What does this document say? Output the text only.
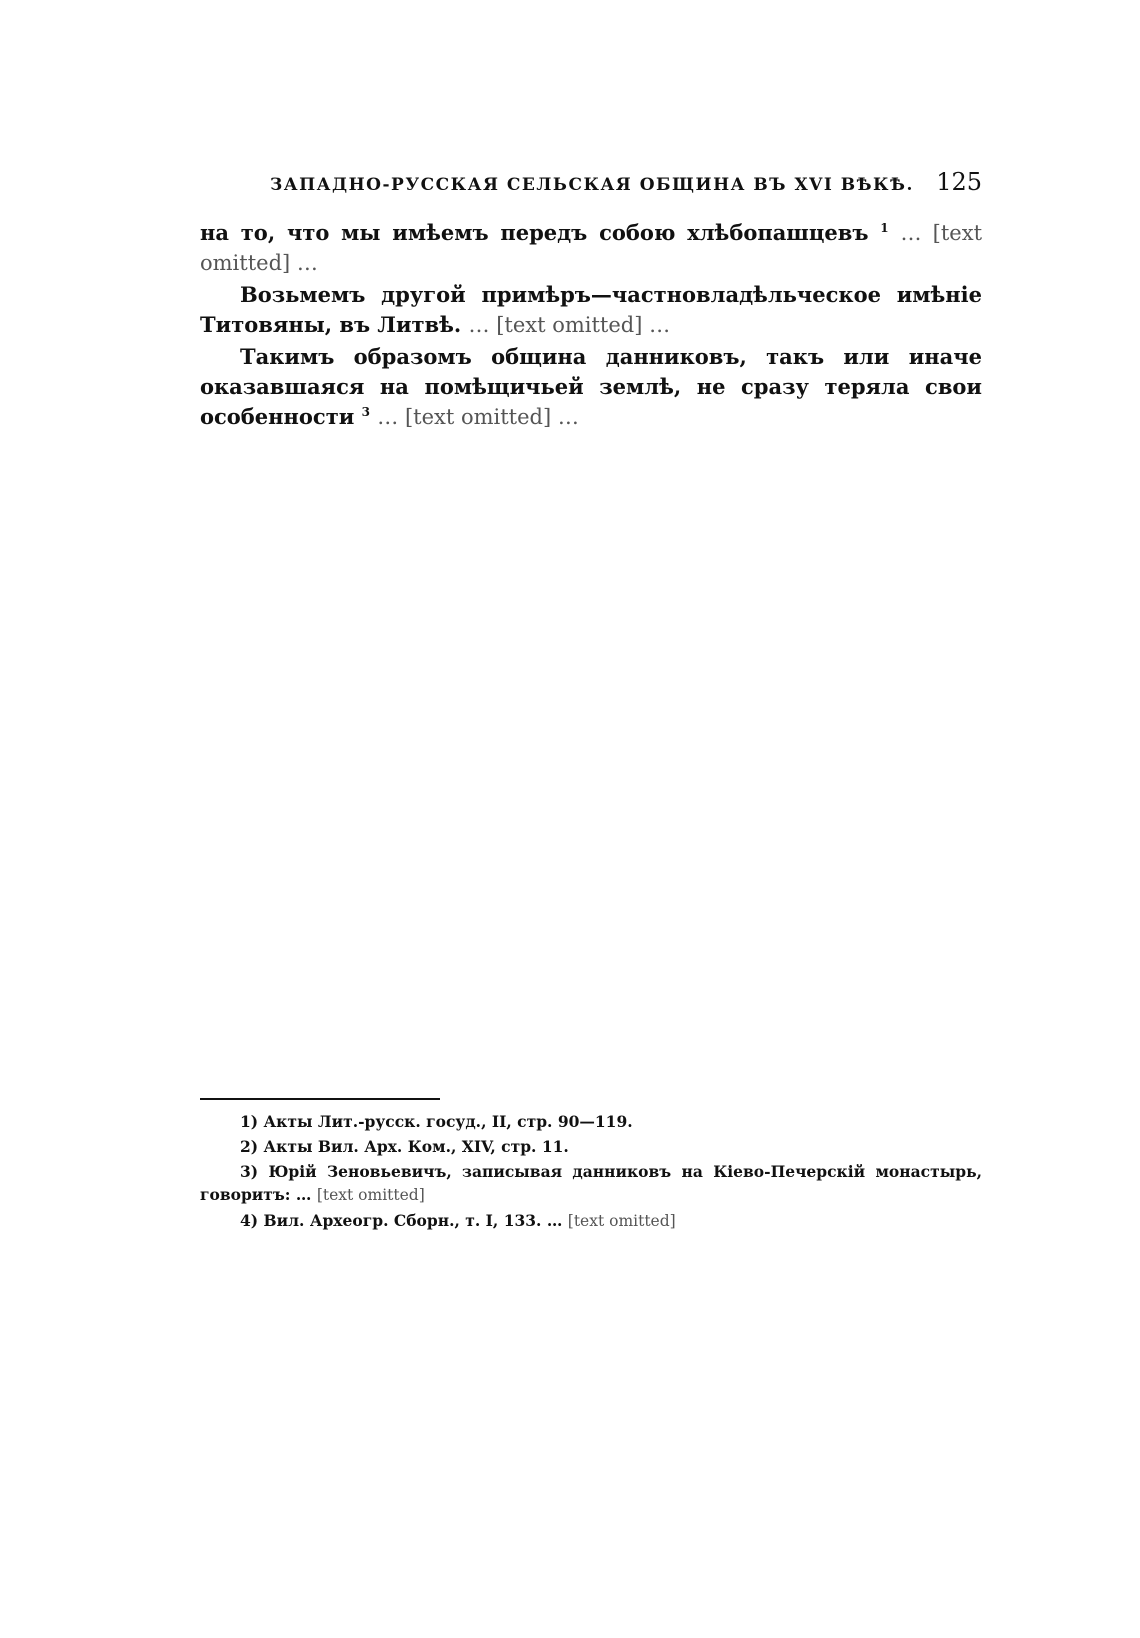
ЗАПАДНО-РУССКАЯ СЕЛЬСКАЯ ОБЩИНА ВЪ XVI ВѢКѢ. 125

на то, что мы имѣемъ передъ собою хлѣбопашцевъ $^1$ … [text omitted] …

Возьмемъ другой примѣръ—частновладѣльческое имѣніе Титовяны, въ Литвѣ. … [text omitted] …

Такимъ образомъ община данниковъ, такъ или иначе оказавшаяся на помѣщичьей землѣ, не сразу теряла свои особенности $^3$ … [text omitted] …

1) Акты Лит.-русск. госуд., II, стр. 90—119.

2) Акты Вил. Арх. Ком., XIV, стр. 11.

3) Юрій Зеновьевичъ, записывая данниковъ на Кіево-Печерскій монастырь, говоритъ: … [text omitted]

4) Вил. Археогр. Сборн., т. I, 133. … [text omitted]
